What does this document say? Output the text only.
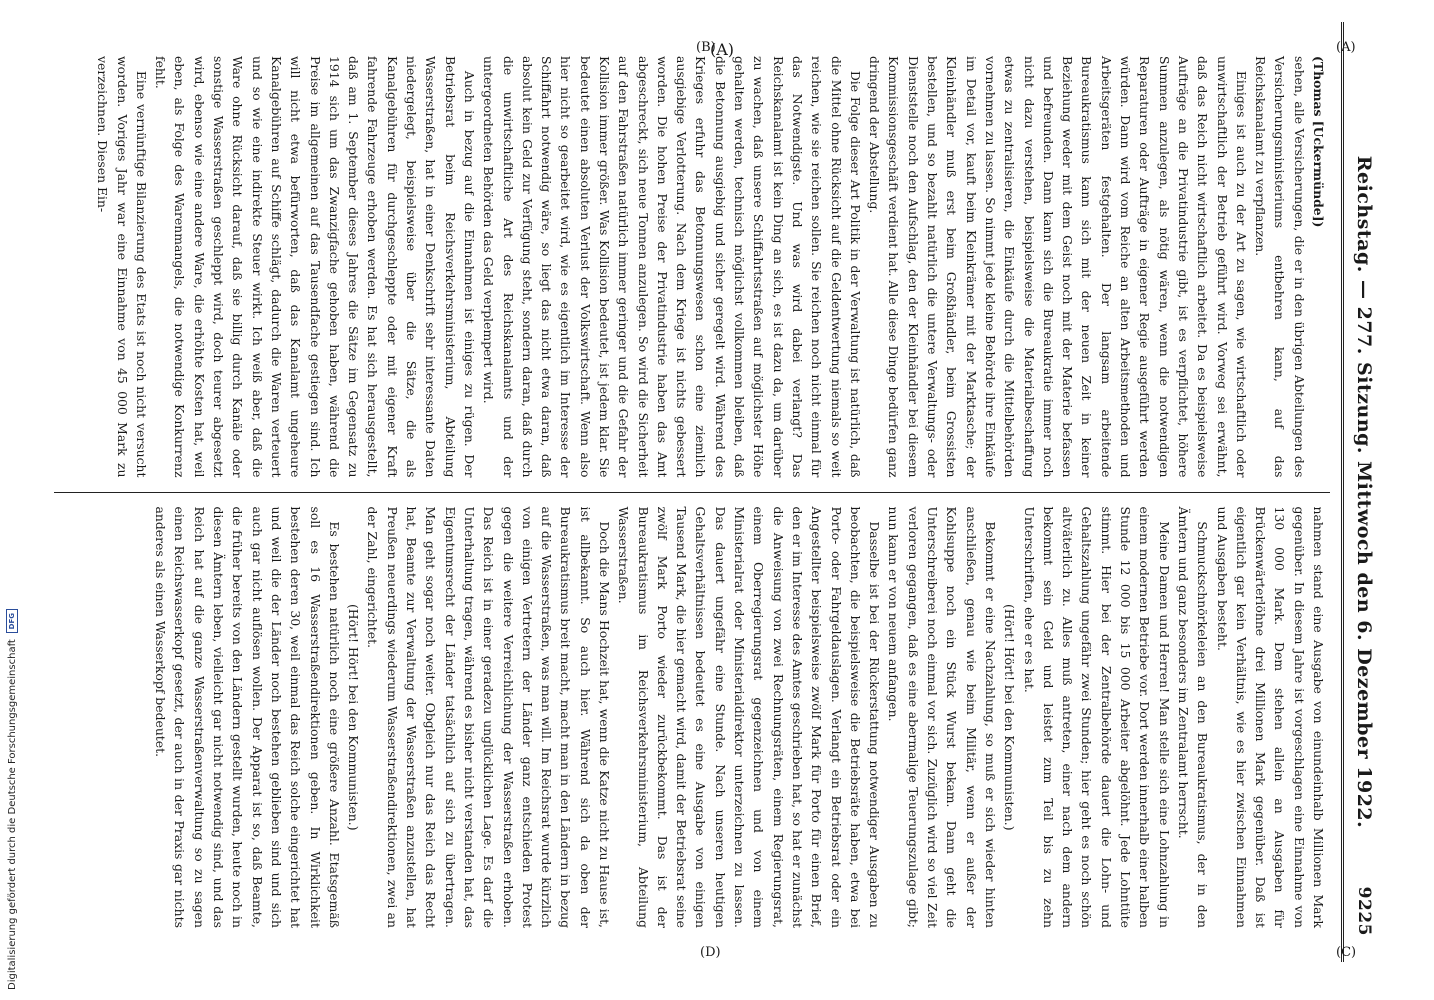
Reichstag. — 277. Sitzung. Mittwoch den 6. Dezember 1922.
9225

(Thomas [Uckermünde])

sehen, alle Versicherungen, die er in den übrigen Abteilungen des Versicherungsministeriums entbehren kann, auf das Reichskanalamt zu verpflanzen.

Einiges ist auch zu der Art zu sagen, wie wirtschaftlich oder unwirtschaftlich der Betrieb geführt wird. Vorweg sei erwähnt, daß das Reich nicht wirtschaftlich arbeitet. Da es beispielsweise Aufträge an die Privatindustrie gibt, ist es verpflichtet, höhere Summen anzulegen, als nötig wären, wenn die notwendigen Reparaturen oder Aufträge in eigener Regie ausgeführt werden würden. Dann wird vom Reiche an alten Arbeitsmethoden und Arbeitsgeräten festgehalten. Der langsam arbeitende Bureaukratismus kann sich mit der neuen Zeit in keiner Beziehung weder mit dem Geist noch mit der Materie befassen und befreunden. Dann kann sich die Bureaukratie immer noch nicht dazu verstehen, beispielsweise die Materialbeschaffung etwas zu zentralisieren, die Einkäufe durch die Mittelbehörden vornehmen zu lassen. So nimmt jede kleine Behörde ihre Einkäufe im Detail vor, kauft beim Kleinkrämer mit der Marktasche; der Kleinhändler muß erst beim Großhändler, beim Grossisten bestellen, und so bezahlt natürlich die untere Verwaltungs- oder Dienststelle noch den Aufschlag, den der Kleinhändler bei diesem Kommissionsgeschäft verdient hat. Alle diese Dinge bedürfen ganz dringend der Abstellung.

Die Folge dieser Art Politik in der Verwaltung ist natürlich, daß die Mittel ohne Rücksicht auf die Geldentwertung niemals so weit reichen, wie sie reichen sollen. Sie reichen noch nicht einmal für das Notwendigste. Und was wird dabei verlangt? Das Reichskanalamt ist kein Ding an sich, es ist dazu da, um darüber zu wachen, daß unsere Schiffahrtsstraßen auf möglichster Höhe gehalten werden, technisch möglichst vollkommen bleiben, daß die Betonnung ausgiebig und sicher geregelt wird. Während des Krieges erfuhr das Betonnungswesen schon eine ziemlich ausgiebige Verlotterung. Nach dem Kriege ist nichts gebessert worden. Die hohen Preise der Privatindustrie haben das Amt abgeschreckt, sich neue Tonnen anzulegen. So wird die Sicherheit auf den Fahrstraßen natürlich immer geringer und die Gefahr der Kollision immer größer. Was Kollision bedeutet, ist jedem klar. Sie bedeutet einen absoluten Verlust der Volkswirtschaft. Wenn also hier nicht so gearbeitet wird, wie es eigentlich im Interesse der Schiffahrt notwendig wäre, so liegt das nicht etwa daran, daß absolut kein Geld zur Verfügung steht, sondern daran, daß durch die unwirtschaftliche Art des Reichskanalamts und der untergeordneten Behörden das Geld verplempert wird.

Auch in bezug auf die Einnahmen ist einiges zu rügen. Der Betriebsrat beim Reichsverkehrsministerium, Abteilung Wasserstraßen, hat in einer Denkschrift sehr interessante Daten niedergelegt, beispielsweise über die Sätze, die als Kanalgebühren für durchgeschleppte oder mit eigener Kraft fahrende Fahrzeuge erhoben werden. Es hat sich herausgestellt, daß am 1. September dieses Jahres die Sätze im Gegensatz zu 1914 sich um das Zwanzigfache gehoben haben, während die Preise im allgemeinen auf das Tausendfache gestiegen sind. Ich will nicht etwa befürworten, daß das Kanalamt ungeheure Kanalgebühren auf Schiffe schlägt, dadurch die Waren verteuert und so wie eine indirekte Steuer wirkt. Ich weiß aber, daß die Ware ohne Rücksicht darauf, daß sie billig durch Kanäle oder sonstige Wasserstraßen geschleppt wird, doch teurer abgesetzt wird, ebenso wie eine andere Ware, die erhöhte Kosten hat, weil eben, als Folge des Warenmangels, die notwendige Konkurrenz fehlt.

Eine vernünftige Bilanzierung des Etats ist noch nicht versucht worden. Voriges Jahr war eine Einnahme von 45 000 Mark zu verzeichnen. Diesen Ein-

nahmen stand eine Ausgabe von einundeinhalb Millionen Mark gegenüber. In diesem Jahre ist vorgeschlagen eine Einnahme von 130 000 Mark. Dem stehen allein an Ausgaben für Brückenwärterlöhne drei Millionen Mark gegenüber. Daß ist eigentlich gar kein Verhältnis, wie es hier zwischen Einnahmen und Ausgaben besteht.

Schmuckschnörkeleien an den Bureaukratismus, der in den Ämtern und ganz besonders im Zentralamt herrscht.

Meine Damen und Herren! Man stelle sich eine Lohnzahlung in einem modernen Betriebe vor. Dort werden innerhalb einer halben Stunde 12 000 bis 15 000 Arbeiter abgelöhnt. Jede Lohntüte stimmt. Hier bei der Zentralbehörde dauert die Lohn- und Gehaltszahlung ungefähr zwei Stunden; hier geht es noch schön altväterlich zu. Alles muß antreten, einer nach dem andern bekommt sein Geld und leistet zum Teil bis zu zehn Unterschriften, ehe er es hat.

(Hört! Hört! bei den Kommunisten.)

Bekommt er eine Nachzahlung, so muß er sich wieder hinten anschließen, genau wie beim Militär, wenn er außer der Kohlsuppe noch ein Stück Wurst bekam. Dann geht die Unterschreiberei noch einmal vor sich. Zuzüglich wird so viel Zeit verloren gegangen, daß es eine abermalige Teuerungszulage gibt; nun kann er von neuem anfangen.

Dasselbe ist bei der Rückerstattung notwendiger Ausgaben zu beobachten, die beispielsweise die Betriebsräte haben, etwa bei Porto- oder Fahrgeldauslagen. Verlangt ein Betriebsrat oder ein Angestellter beispielsweise zwölf Mark für Porto für einen Brief, den er im Interesse des Amtes geschrieben hat, so hat er zunächst die Anweisung von zwei Rechnungsräten, einem Regierungsrat, einem Oberregierungsrat gegenzeichnen und von einem Ministerialrat oder Ministerialdirektor unterzeichnen zu lassen. Das dauert ungefähr eine Stunde. Nach unseren heutigen Gehaltsverhältnissen bedeutet es eine Ausgabe von einigen Tausend Mark, die hier gemacht wird, damit der Betriebsrat seine zwölf Mark Porto wieder zurückbekommt. Das ist der Bureaukratismus im Reichsverkehrsministerium, Abteilung Wasserstraßen.

Doch die Mans Hochzeit hat, wenn die Katze nicht zu Hause ist, ist allbekannt. So auch hier. Während sich da oben der Bureaukratismus breit macht, macht man in den Ländern in bezug auf die Wasserstraßen, was man will. Im Reichsrat wurde kürzlich von einigen Vertretern der Länder ganz entschieden Protest gegen die weitere Verreichlichung der Wasserstraßen erhoben. Das Reich ist in einer geradezu unglücklichen Lage. Es darf die Unterhaltung tragen, während es bisher nicht verstanden hat, das Eigentumsrecht der Länder tatsächlich auf sich zu übertragen. Man geht sogar noch weiter. Obgleich nur das Reich das Recht hat, Beamte zur Verwaltung der Wasserstraßen anzustellen, hat Preußen neuerdings wiederum Wasserstraßendirektionen, zwei an der Zahl, eingerichtet.

(Hört! Hört! bei den Kommunisten.)

Es bestehen natürlich noch eine größere Anzahl. Etatsgemäß soll es 16 Wasserstraßendirektionen geben. In Wirklichkeit bestehen deren 30, weil einmal das Reich solche eingerichtet hat und weil die der Länder noch bestehen geblieben sind und sich auch gar nicht auflösen wollen. Der Apparat ist so, daß Beamte, die früher bereits von den Ländern gestellt wurden, heute noch in diesen Ämtern leben, vielleicht gar nicht notwendig sind, und das Reich hat auf die ganze Wasserstraßenverwaltung so zu sagen einen Reichswasserkopf gesetzt, der auch in der Praxis gar nichts anderes als einen Wasserkopf bedeutet.

(A)	(A)
(C)
(B)
(D)
Digitalisierung gefördert durch die Deutsche Forschungsgemeinschaft
DFG
